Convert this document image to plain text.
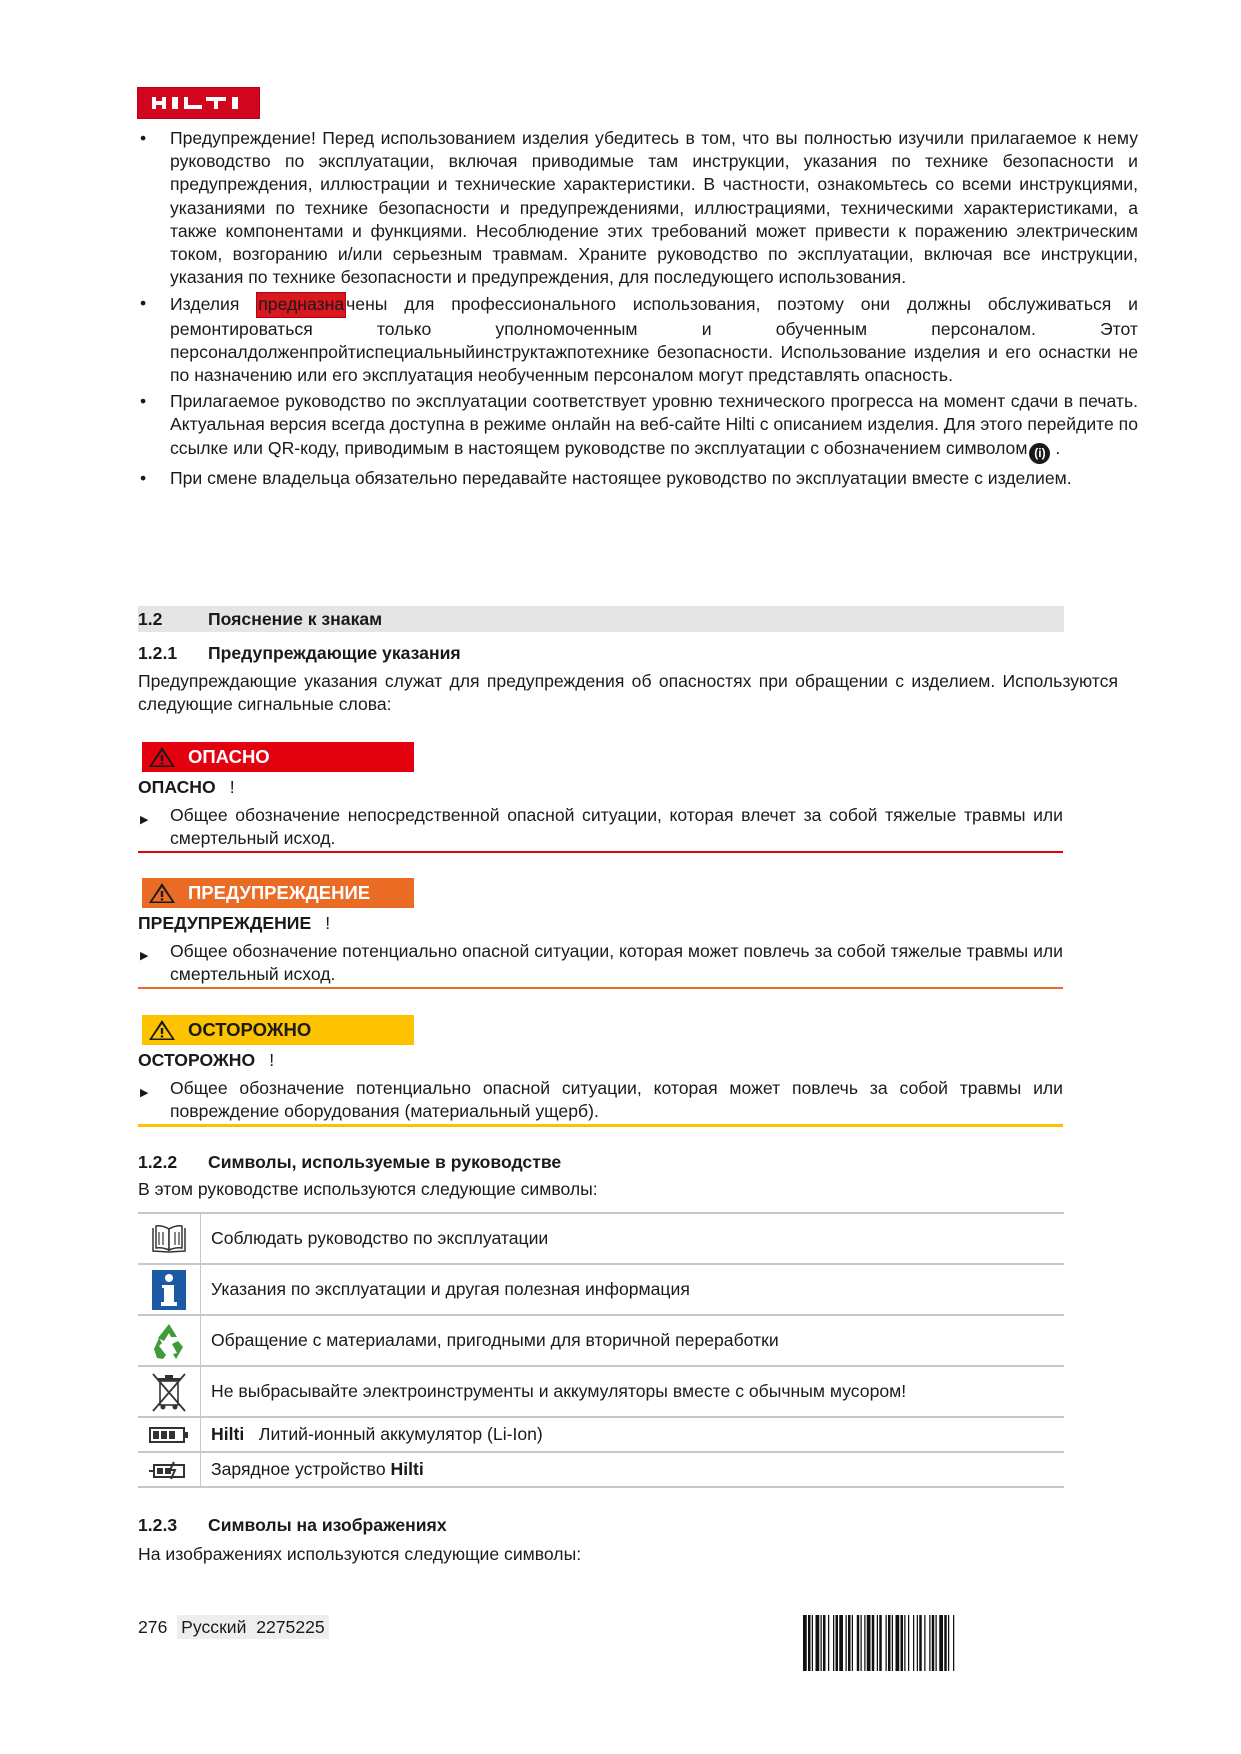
• Предупреждение! Перед использованием изделия убедитесь в том, что вы полностью изучили прилагаемое к нему руководство по эксплуатации, включая приводимые там инструкции, указания по технике безопасности и предупреждения, иллюстрации и технические характеристики. В частности, ознакомьтесь со всеми инструкциями, указаниями по технике безопасности и предупреждениями, иллюстрациями, техническими характеристиками, а также компонентами и функциями. Несоблюдение этих требований может привести к поражению электрическим током, возгоранию и/или серьезным травмам. Храните руководство по эксплуатации, включая все инструкции, указания по технике безопасности и предупреждения, для последующего использования.
• Изделия предназна чены для профессионального использования, поэтому они должны обслуживаться и ремонтироваться только уполномоченным и обученным персоналом. Этот персоналдолженпройтиспециальныйинструктажпотехнике безопасности. Использование изделия и его оснастки не по назначению или его эксплуатация необученным персоналом могут представлять опасность.
• Прилагаемое руководство по эксплуатации соответствует уровню технического прогресса на момент сдачи в печать. Актуальная версия всегда доступна в режиме онлайн на веб-сайте Hilti с описанием изделия. Для этого перейдите по ссылке или QR-коду, приводимым в настоящем руководстве по эксплуатации с обозначением символом (i) .
• При смене владельца обязательно передавайте настоящее руководство по эксплуатации вместе с изделием.
1.2	Пояснение к знакам
1.2.1 Предупреждающие указания
Предупреждающие указания служат для предупреждения об опасностях при обращении с изделием. Используются следующие сигнальные слова:
ОПАСНО
ОПАСНО !
▶	Общее обозначение непосредственной опасной ситуации, которая влечет за собой тяжелые травмы или смертельный исход.
ПРЕДУПРЕЖДЕНИЕ
ПРЕДУПРЕЖДЕНИЕ !
▶	Общее обозначение потенциально опасной ситуации, которая может повлечь за собой тяжелые травмы или смертельный исход.
ОСТОРОЖНО
ОСТОРОЖНО !
▶	Общее обозначение потенциально опасной ситуации, которая может повлечь за собой травмы или повреждение оборудования (материальный ущерб).
1.2.2 Символы, используемые в руководстве
В этом руководстве используются следующие символы:
	Соблюдать руководство по эксплуатации

	Указания по эксплуатации и другая полезная информация

	Обращение с материалами, пригодными для вторичной переработки

	Не выбрасывайте электроинструменты и аккумуляторы вместе с обычным мусором!

	Hilti Литий-ионный аккумулятор (Li-Ion)

	Зарядное устройство Hilti
1.2.3 Символы на изображениях
На изображениях используются следующие символы:
276 Русский 2275225
